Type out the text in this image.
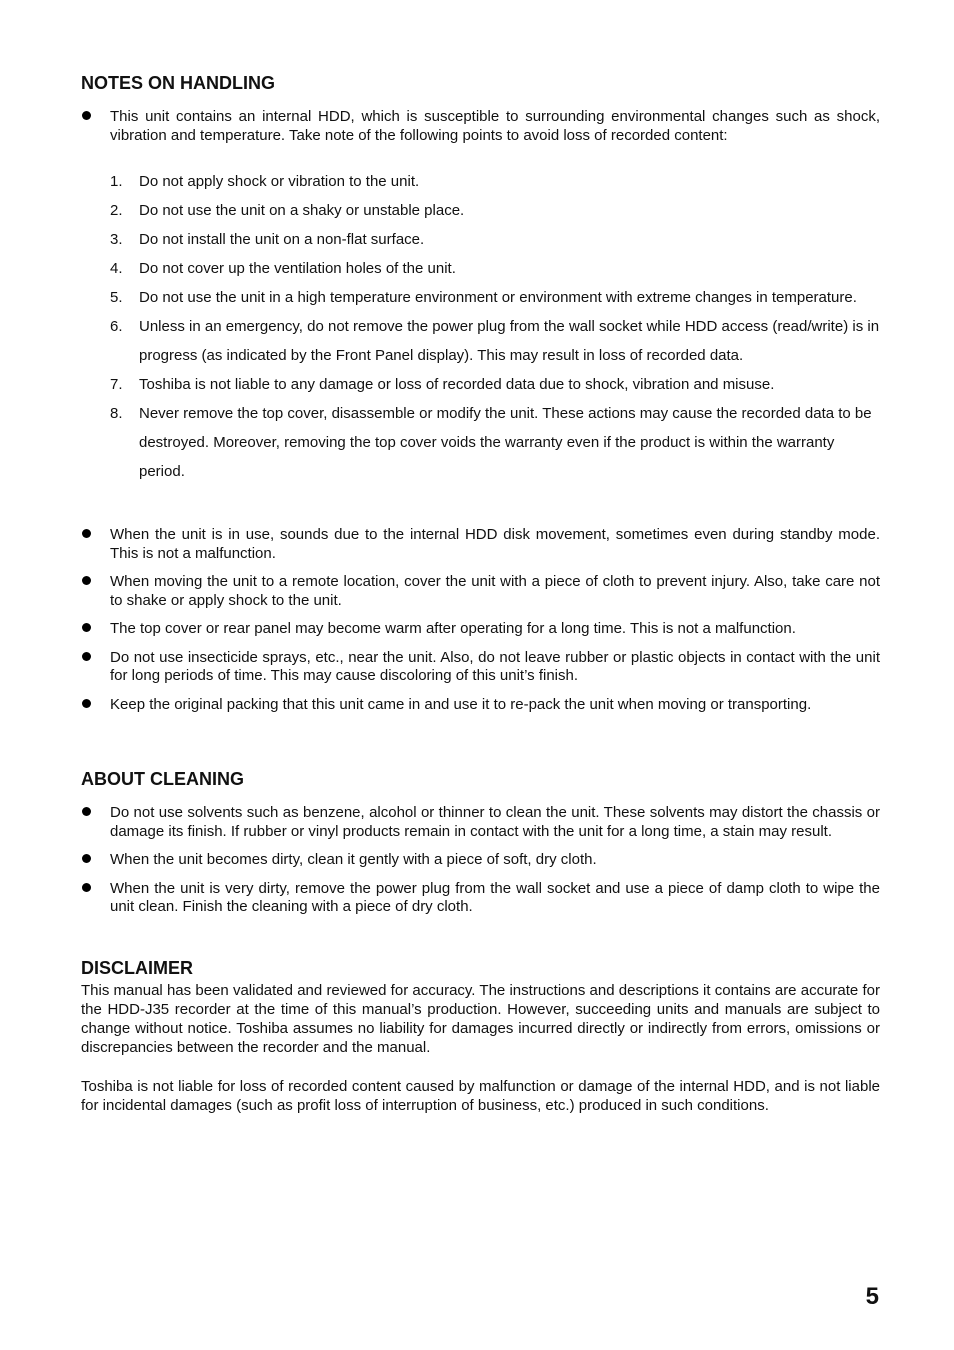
NOTES ON HANDLING
This unit contains an internal HDD, which is susceptible to surrounding environmental changes such as shock, vibration and temperature. Take note of the following points to avoid loss of recorded content:
1. Do not apply shock or vibration to the unit.
2. Do not use the unit on a shaky or unstable place.
3. Do not install the unit on a non-flat surface.
4. Do not cover up the ventilation holes of the unit.
5. Do not use the unit in a high temperature environment or environment with extreme changes in temperature.
6. Unless in an emergency, do not remove the power plug from the wall socket while HDD access (read/write) is in progress (as indicated by the Front Panel display). This may result in loss of recorded data.
7. Toshiba is not liable to any damage or loss of recorded data due to shock, vibration and misuse.
8. Never remove the top cover, disassemble or modify the unit. These actions may cause the recorded data to be destroyed. Moreover, removing the top cover voids the warranty even if the product is within the warranty period.
When the unit is in use, sounds due to the internal HDD disk movement, sometimes even during standby mode. This is not a malfunction.
When moving the unit to a remote location, cover the unit with a piece of cloth to prevent injury. Also, take care not to shake or apply shock to the unit.
The top cover or rear panel may become warm after operating for a long time. This is not a malfunction.
Do not use insecticide sprays, etc., near the unit. Also, do not leave rubber or plastic objects in contact with the unit for long periods of time. This may cause discoloring of this unit’s finish.
Keep the original packing that this unit came in and use it to re-pack the unit when moving or transporting.
ABOUT CLEANING
Do not use solvents such as benzene, alcohol or thinner to clean the unit. These solvents may distort the chassis or damage its finish. If rubber or vinyl products remain in contact with the unit for a long time, a stain may result.
When the unit becomes dirty, clean it gently with a piece of soft, dry cloth.
When the unit is very dirty, remove the power plug from the wall socket and use a piece of damp cloth to wipe the unit clean. Finish the cleaning with a piece of dry cloth.
DISCLAIMER

This manual has been validated and reviewed for accuracy. The instructions and descriptions it contains are accurate for the HDD-J35 recorder at the time of this manual’s production. However, succeeding units and manuals are subject to change without notice. Toshiba assumes no liability for damages incurred directly or indirectly from errors, omissions or discrepancies between the recorder and the manual.

Toshiba is not liable for loss of recorded content caused by malfunction or damage of the internal HDD, and is not liable for incidental damages (such as profit loss of interruption of business, etc.) produced in such conditions.

5
